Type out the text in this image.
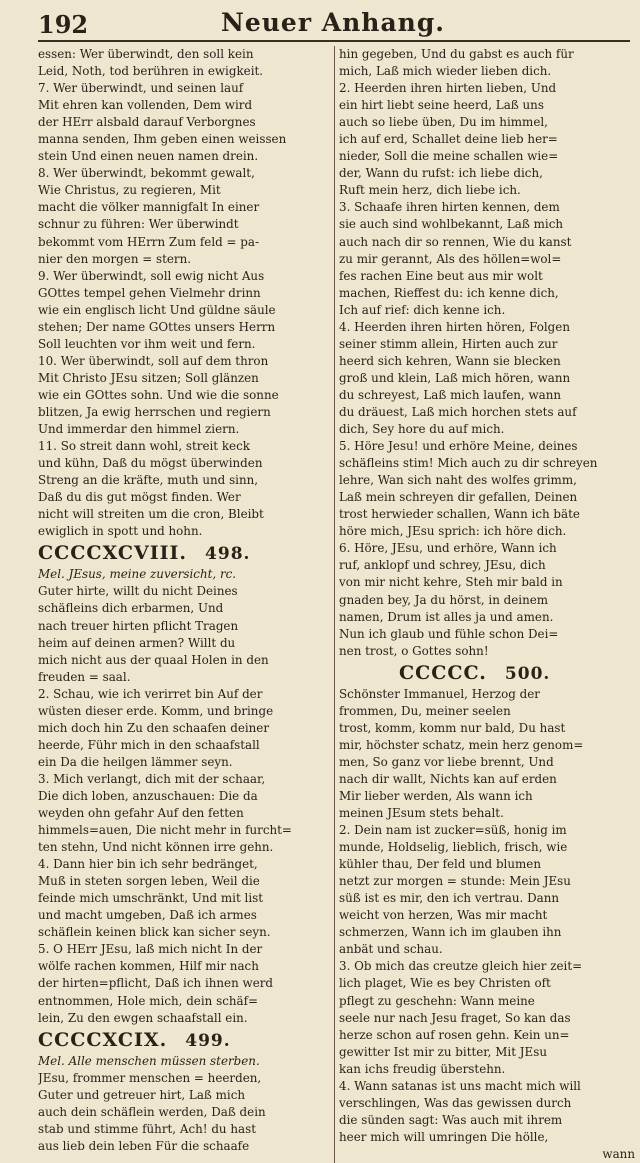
192	Neuer Anhang.
essen: Wer überwindt, den soll kein
Leid, Noth, tod berühren in ewigkeit.
7. Wer überwindt, und seinen lauf
Mit ehren kan vollenden, Dem wird
der HErr alsbald darauf Verborgnes
manna senden, Ihm geben einen weissen
stein Und einen neuen namen drein.
8. Wer überwindt, bekommt gewalt,
Wie Christus, zu regieren, Mit
macht die völker mannigfalt In einer
schnur zu führen: Wer überwindt
bekommt vom HErrn Zum feld = pa-
nier den morgen = stern.
9. Wer überwindt, soll ewig nicht Aus
GOttes tempel gehen Vielmehr drinn
wie ein englisch licht Und güldne säule
stehen; Der name GOttes unsers Herrn
Soll leuchten vor ihm weit und fern.
10. Wer überwindt, soll auf dem thron
Mit Christo JEsu sitzen; Soll glänzen
wie ein GOttes sohn. Und wie die sonne
blitzen, Ja ewig herrschen und regiern
Und immerdar den himmel ziern.
11. So streit dann wohl, streit keck
und kühn, Daß du mögst überwinden
Streng an die kräfte, muth und sinn,
Daß du dis gut mögst finden. Wer
nicht will streiten um die cron, Bleibt
ewiglich in spott und hohn.
CCCCXCVIII. 498.
Mel. JEsus, meine zuversicht, rc.
Guter hirte, willt du nicht Deines
schäfleins dich erbarmen, Und
nach treuer hirten pflicht Tragen
heim auf deinen armen? Willt du
mich nicht aus der quaal Holen in den
freuden = saal.
2. Schau, wie ich verirret bin Auf der
wüsten dieser erde. Komm, und bringe
mich doch hin Zu den schaafen deiner
heerde, Führ mich in den schaafstall
ein Da die heilgen lämmer seyn.
3. Mich verlangt, dich mit der schaar,
Die dich loben, anzuschauen: Die da
weyden ohn gefahr Auf den fetten
himmels=auen, Die nicht mehr in furcht=
ten stehn, Und nicht können irre gehn.
4. Dann hier bin ich sehr bedränget,
Muß in steten sorgen leben, Weil die
feinde mich umschränkt, Und mit list
und macht umgeben, Daß ich armes
schäflein keinen blick kan sicher seyn.
5. O HErr JEsu, laß mich nicht In der
wölfe rachen kommen, Hilf mir nach
der hirten=pflicht, Daß ich ihnen werd
entnommen, Hole mich, dein schäf=
lein, Zu den ewgen schaafstall ein.
CCCCXCIX. 499.
Mel. Alle menschen müssen sterben.
JEsu, frommer menschen = heerden,
Guter und getreuer hirt, Laß mich
auch dein schäflein werden, Daß dein
stab und stimme führt, Ach! du hast
aus lieb dein leben Für die schaafe
hin gegeben, Und du gabst es auch für
mich, Laß mich wieder lieben dich.
2. Heerden ihren hirten lieben, Und
ein hirt liebt seine heerd, Laß uns
auch so liebe üben, Du im himmel,
ich auf erd, Schallet deine lieb her=
nieder, Soll die meine schallen wie=
der, Wann du rufst: ich liebe dich,
Ruft mein herz, dich liebe ich.
3. Schaafe ihren hirten kennen, dem
sie auch sind wohlbekannt, Laß mich
auch nach dir so rennen, Wie du kanst
zu mir gerannt, Als des höllen=wol=
fes rachen Eine beut aus mir wolt
machen, Rieffest du: ich kenne dich,
Ich auf rief: dich kenne ich.
4. Heerden ihren hirten hören, Folgen
seiner stimm allein, Hirten auch zur
heerd sich kehren, Wann sie blecken
groß und klein, Laß mich hören, wann
du schreyest, Laß mich laufen, wann
du dräuest, Laß mich horchen stets auf
dich, Sey hore du auf mich.
5. Höre Jesu! und erhöre Meine, deines
schäfleins stim! Mich auch zu dir schreyen
lehre, Wan sich naht des wolfes grimm,
Laß mein schreyen dir gefallen, Deinen
trost herwieder schallen, Wann ich bäte
höre mich, JEsu sprich: ich höre dich.
6. Höre, JEsu, und erhöre, Wann ich
ruf, anklopf und schrey, JEsu, dich
von mir nicht kehre, Steh mir bald in
gnaden bey, Ja du hörst, in deinem
namen, Drum ist alles ja und amen.
Nun ich glaub und fühle schon Dei=
nen trost, o Gottes sohn!
CCCCC. 500.
Schönster Immanuel, Herzog der
frommen, Du, meiner seelen
trost, komm, komm nur bald, Du hast
mir, höchster schatz, mein herz genom=
men, So ganz vor liebe brennt, Und
nach dir wallt, Nichts kan auf erden
Mir lieber werden, Als wann ich
meinen JEsum stets behalt.
2. Dein nam ist zucker=süß, honig im
munde, Holdselig, lieblich, frisch, wie
kühler thau, Der feld und blumen
netzt zur morgen = stunde: Mein JEsu
süß ist es mir, den ich vertrau. Dann
weicht von herzen, Was mir macht
schmerzen, Wann ich im glauben ihn
anbät und schau.
3. Ob mich das creutze gleich hier zeit=
lich plaget, Wie es bey Christen oft
pflegt zu geschehn: Wann meine
seele nur nach Jesu fraget, So kan das
herze schon auf rosen gehn. Kein un=
gewitter Ist mir zu bitter, Mit JEsu
kan ichs freudig überstehn.
4. Wann satanas ist uns macht mich will
verschlingen, Was das gewissen durch
die sünden sagt: Was auch mit ihrem
heer mich will umringen Die hölle,
wann
